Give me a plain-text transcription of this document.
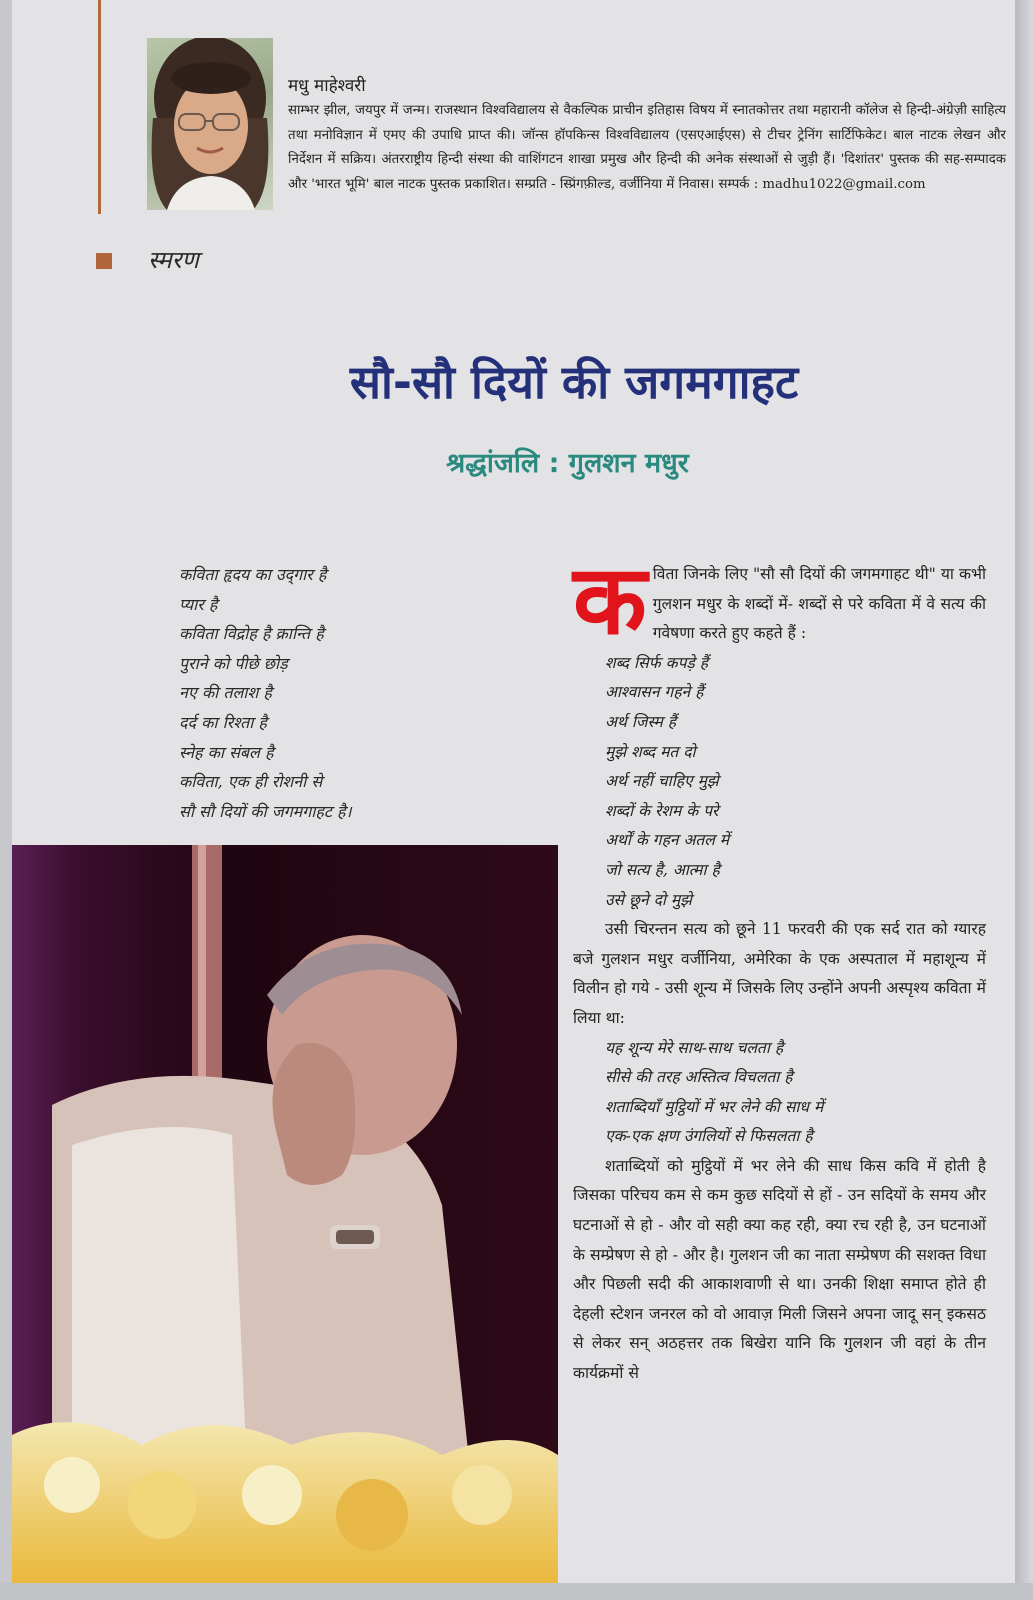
मधु माहेश्वरी
साम्भर झील, जयपुर में जन्म। राजस्थान विश्वविद्यालय से वैकल्पिक प्राचीन इतिहास विषय में स्नातकोत्तर तथा महारानी कॉलेज से हिन्दी-अंग्रेज़ी साहित्य तथा मनोविज्ञान में एमए की उपाधि प्राप्त की। जॉन्स हॉपकिन्स विश्वविद्यालय (एसएआईएस) से टीचर ट्रेनिंग सार्टिफिकेट। बाल नाटक लेखन और निर्देशन में सक्रिय। अंतरराष्ट्रीय हिन्दी संस्था की वाशिंगटन शाखा प्रमुख और हिन्दी की अनेक संस्थाओं से जुड़ी हैं। 'दिशांतर' पुस्तक की सह-सम्पादक और 'भारत भूमि' बाल नाटक पुस्तक प्रकाशित। सम्प्रति - स्प्रिंगफ़ील्ड, वर्जीनिया में निवास। सम्पर्क : madhu1022@gmail.com
स्मरण
सौ-सौ दियों की जगमगाहट
श्रद्धांजलि : गुलशन मधुर
कविता हृदय का उद्‌गार है
प्यार है
कविता विद्रोह है क्रान्ति है
पुराने को पीछे छोड़
नए की तलाश है
दर्द का रिश्ता है
स्नेह का संबल है
कविता, एक ही रोशनी से
सौ सौ दियों की जगमगाहट है।

कविता जिनके लिए "सौ सौ दियों की जगमगाहट थी" या कभी गुलशन मधुर के शब्दों में- शब्दों से परे कविता में वे सत्य की गवेषणा करते हुए कहते हैं :

शब्द सिर्फ कपड़े हैं
आश्वासन गहने हैं
अर्थ जिस्म हैं
मुझे शब्द मत दो
अर्थ नहीं चाहिए मुझे
शब्दों के रेशम के परे
अर्थों के गहन अतल में
जो सत्य है, आत्मा है
उसे छूने दो मुझे

उसी चिरन्तन सत्य को छूने 11 फरवरी की एक सर्द रात को ग्यारह बजे गुलशन मधुर वर्जीनिया, अमेरिका के एक अस्पताल में महाशून्य में विलीन हो गये - उसी शून्य में जिसके लिए उन्होंने अपनी अस्पृश्य कविता में लिया था:

यह शून्य मेरे साथ-साथ चलता है
सीसे की तरह अस्तित्व विचलता है
शताब्दियाँ मुट्ठियों में भर लेने की साध में
एक-एक क्षण उंगलियों से फिसलता है

शताब्दियों को मुट्ठियों में भर लेने की साध किस कवि में होती है जिसका परिचय कम से कम कुछ सदियों से हों - उन सदियों के समय और घटनाओं से हो - और वो सही क्या कह रही, क्या रच रही है, उन घटनाओं के सम्प्रेषण से हो - और है। गुलशन जी का नाता सम्प्रेषण की सशक्त विधा और पिछली सदी की आकाशवाणी से था। उनकी शिक्षा समाप्त होते ही देहली स्टेशन जनरल को वो आवाज़ मिली जिसने अपना जादू सन् इकसठ से लेकर सन् अठहत्तर तक बिखेरा यानि कि गुलशन जी वहां के तीन कार्यक्रमों से
